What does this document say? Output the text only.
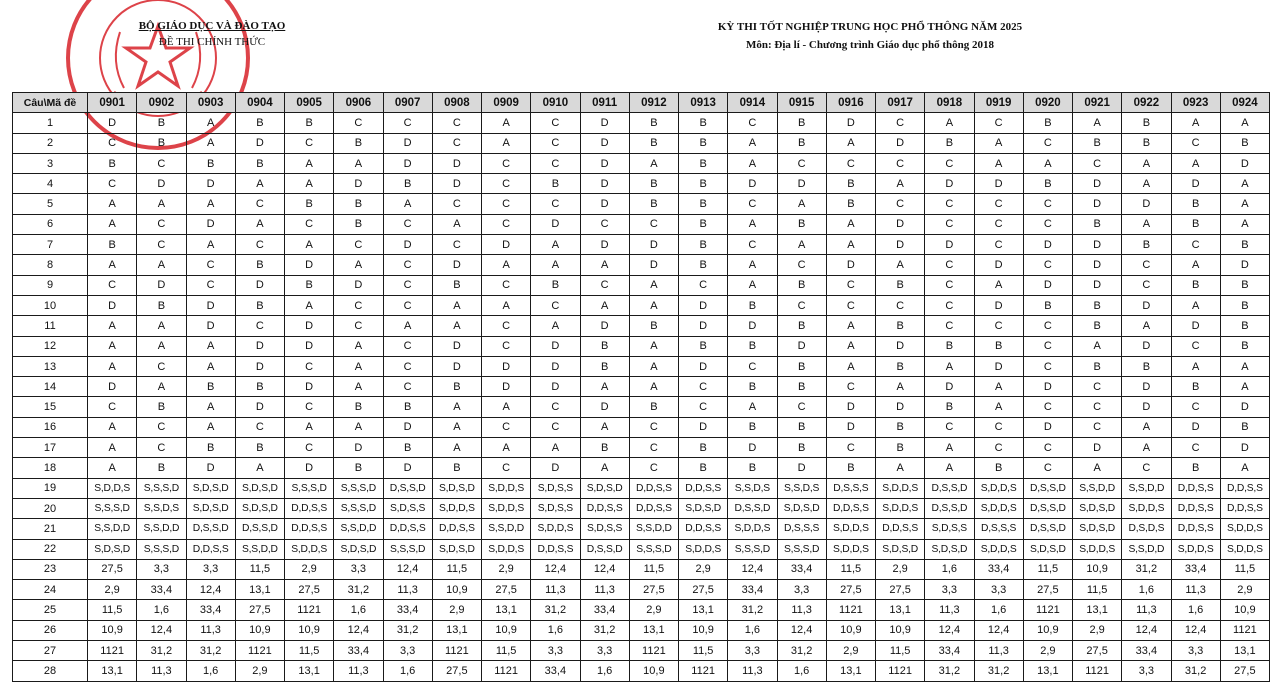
BỘ GIÁO DỤC VÀ ĐÀO TẠO
ĐỀ THI CHÍNH THỨC
KỲ THI TỐT NGHIỆP TRUNG HỌC PHỔ THÔNG NĂM 2025
Môn: Địa lí - Chương trình Giáo dục phổ thông 2018
Câu\Mã đề	0901	0902	0903	0904	0905	0906	0907	0908	0909	0910	0911	0912	0913	0914	0915	0916	0917	0918	0919	0920	0921	0922	0923	0924
1	D	B	A	B	B	C	C	C	A	C	D	B	B	C	B	D	C	A	C	B	A	B	A	A
2	C	B	A	D	C	B	D	C	A	C	D	B	B	A	B	A	D	B	A	C	B	B	C	B
3	B	C	B	B	A	A	D	D	C	C	D	A	B	A	C	C	C	C	A	A	C	A	A	D
4	C	D	D	A	A	D	B	D	C	B	D	B	B	D	D	B	A	D	D	B	D	A	D	A
5	A	A	A	C	B	B	A	C	C	C	D	B	B	C	A	B	C	C	C	C	D	D	B	A
6	A	C	D	A	C	B	C	A	C	D	C	C	B	A	B	A	D	C	C	C	B	A	B	A
7	B	C	A	C	A	C	D	C	D	A	D	D	B	C	A	A	D	D	C	D	D	B	C	B
8	A	A	C	B	D	A	C	D	A	A	A	D	B	A	C	D	A	C	D	C	D	C	A	D
9	C	D	C	D	B	D	C	B	C	B	C	A	C	A	B	C	B	C	A	D	D	C	B	B
10	D	B	D	B	A	C	C	A	A	C	A	A	D	B	C	C	C	C	D	B	B	D	A	B
11	A	A	D	C	D	C	A	A	C	A	D	B	D	D	B	A	B	C	C	C	B	A	D	B
12	A	A	A	D	D	A	C	D	C	D	B	A	B	B	D	A	D	B	B	C	A	D	C	B
13	A	C	A	D	C	A	C	D	D	D	B	A	D	C	B	A	B	A	D	C	B	B	A	A
14	D	A	B	B	D	A	C	B	D	D	A	A	C	B	B	C	A	D	A	D	C	D	B	A
15	C	B	A	D	C	B	B	A	A	C	D	B	C	A	C	D	D	B	A	C	C	D	C	D
16	A	C	A	C	A	A	D	A	C	C	A	C	D	B	B	D	B	C	C	D	C	A	D	B
17	A	C	B	B	C	D	B	A	A	A	B	C	B	D	B	C	B	A	C	C	D	A	C	D
18	A	B	D	A	D	B	D	B	C	D	A	C	B	B	D	B	A	A	B	C	A	C	B	A
19	S,D,D,S	S,S,S,D	S,D,S,D	S,D,S,D	S,S,S,D	S,S,S,D	D,S,S,D	S,D,S,D	S,D,D,S	S,D,S,S	S,D,S,D	D,D,S,S	D,D,S,S	S,S,D,S	S,S,D,S	D,S,S,S	S,D,D,S	D,S,S,D	S,D,D,S	D,S,S,D	S,S,D,D	S,S,D,D	D,D,S,S	D,D,S,S
20	S,S,S,D	S,S,D,S	S,D,S,D	S,D,S,D	D,D,S,S	S,S,S,D	S,D,S,S	S,D,D,S	S,D,D,S	S,D,S,S	D,D,S,S	D,D,S,S	S,D,S,D	D,S,S,D	S,D,S,D	D,D,S,S	S,D,D,S	D,S,S,D	S,D,D,S	D,S,S,D	S,D,S,D	S,D,D,S	D,D,S,S	D,D,S,S
21	S,S,D,D	S,S,D,D	D,S,S,D	D,S,S,D	D,D,S,S	S,S,D,D	D,D,S,S	D,D,S,S	S,S,D,D	S,D,D,S	S,D,S,S	S,S,D,D	D,D,S,S	S,D,D,S	D,S,S,S	S,D,D,S	D,D,S,S	S,D,S,S	D,S,S,S	D,S,S,D	S,D,S,D	D,S,D,S	D,D,S,S	S,D,D,S
22	S,D,S,D	S,S,S,D	D,D,S,S	S,S,D,D	S,D,D,S	S,D,S,D	S,S,S,D	S,D,S,D	S,D,D,S	D,D,S,S	D,S,S,D	S,S,S,D	S,D,D,S	S,S,S,D	S,S,S,D	S,D,D,S	S,D,S,D	S,D,S,D	S,D,D,S	S,D,S,D	S,D,D,S	S,S,D,D	S,D,D,S	S,D,D,S
23	27,5	3,3	3,3	11,5	2,9	3,3	12,4	11,5	2,9	12,4	12,4	11,5	2,9	12,4	33,4	11,5	2,9	1,6	33,4	11,5	10,9	31,2	33,4	11,5
24	2,9	33,4	12,4	13,1	27,5	31,2	11,3	10,9	27,5	11,3	11,3	27,5	27,5	33,4	3,3	27,5	27,5	3,3	3,3	27,5	11,5	1,6	11,3	2,9
25	11,5	1,6	33,4	27,5	1121	1,6	33,4	2,9	13,1	31,2	33,4	2,9	13,1	31,2	11,3	1121	13,1	11,3	1,6	1121	13,1	11,3	1,6	10,9
26	10,9	12,4	11,3	10,9	10,9	12,4	31,2	13,1	10,9	1,6	31,2	13,1	10,9	1,6	12,4	10,9	10,9	12,4	12,4	10,9	2,9	12,4	12,4	1121
27	1121	31,2	31,2	1121	11,5	33,4	3,3	1121	11,5	3,3	3,3	1121	11,5	3,3	31,2	2,9	11,5	33,4	11,3	2,9	27,5	33,4	3,3	13,1
28	13,1	11,3	1,6	2,9	13,1	11,3	1,6	27,5	1121	33,4	1,6	10,9	1121	11,3	1,6	13,1	1121	31,2	31,2	13,1	1121	3,3	31,2	27,5
